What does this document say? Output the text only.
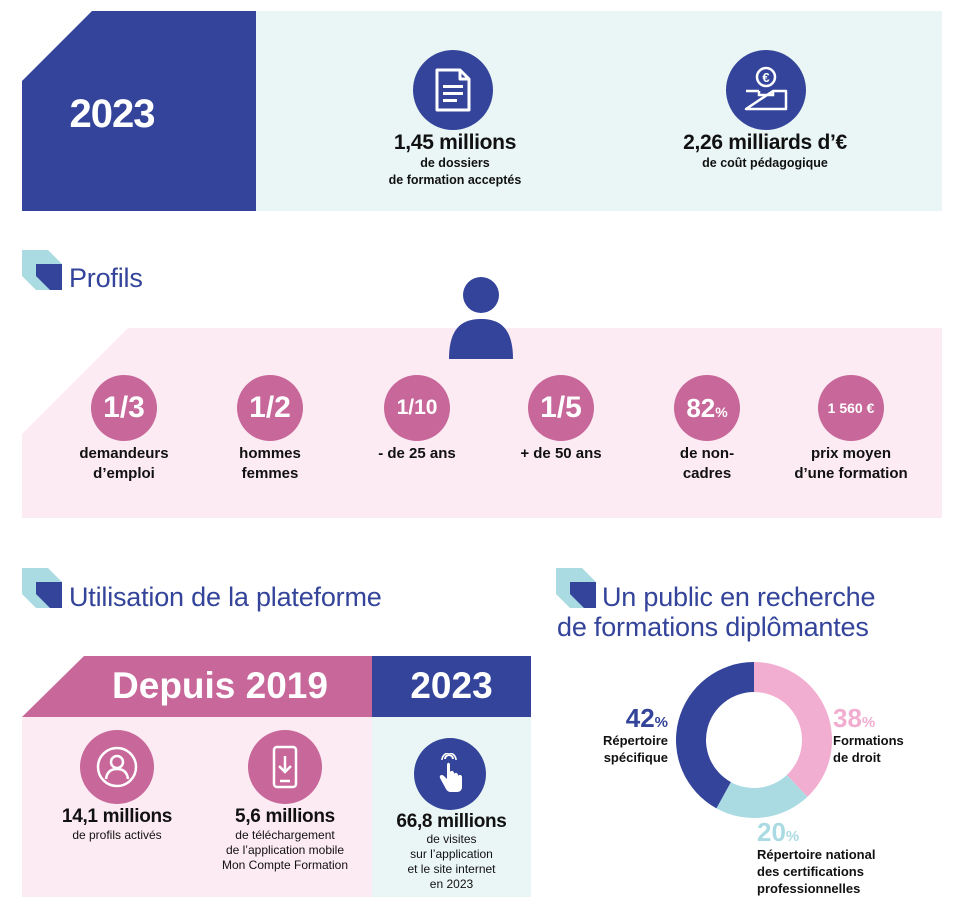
2023
1,45 millions
de dossiers
de formation acceptés
€
2,26 milliards d’€
de coût pédagogique
Profils
1/3
demandeurs
d’emploi
1/2
hommes
femmes
1/10
- de 25 ans
1/5
+ de 50 ans
82 %
de non-
cadres
1 560 €
prix moyen
d’une formation
Utilisation de la plateforme
Depuis 2019	2023
14,1 millions
de profils activés
5,6 millions
de téléchargement
de l’application mobile
Mon Compte Formation
66,8 millions
de visites
sur l’application
et le site internet
en 2023
Un public en recherche
de formations diplômantes
42%
Répertoire
spécifique
38%
Formations
de droit
20%
Répertoire national
des certifications
professionnelles
